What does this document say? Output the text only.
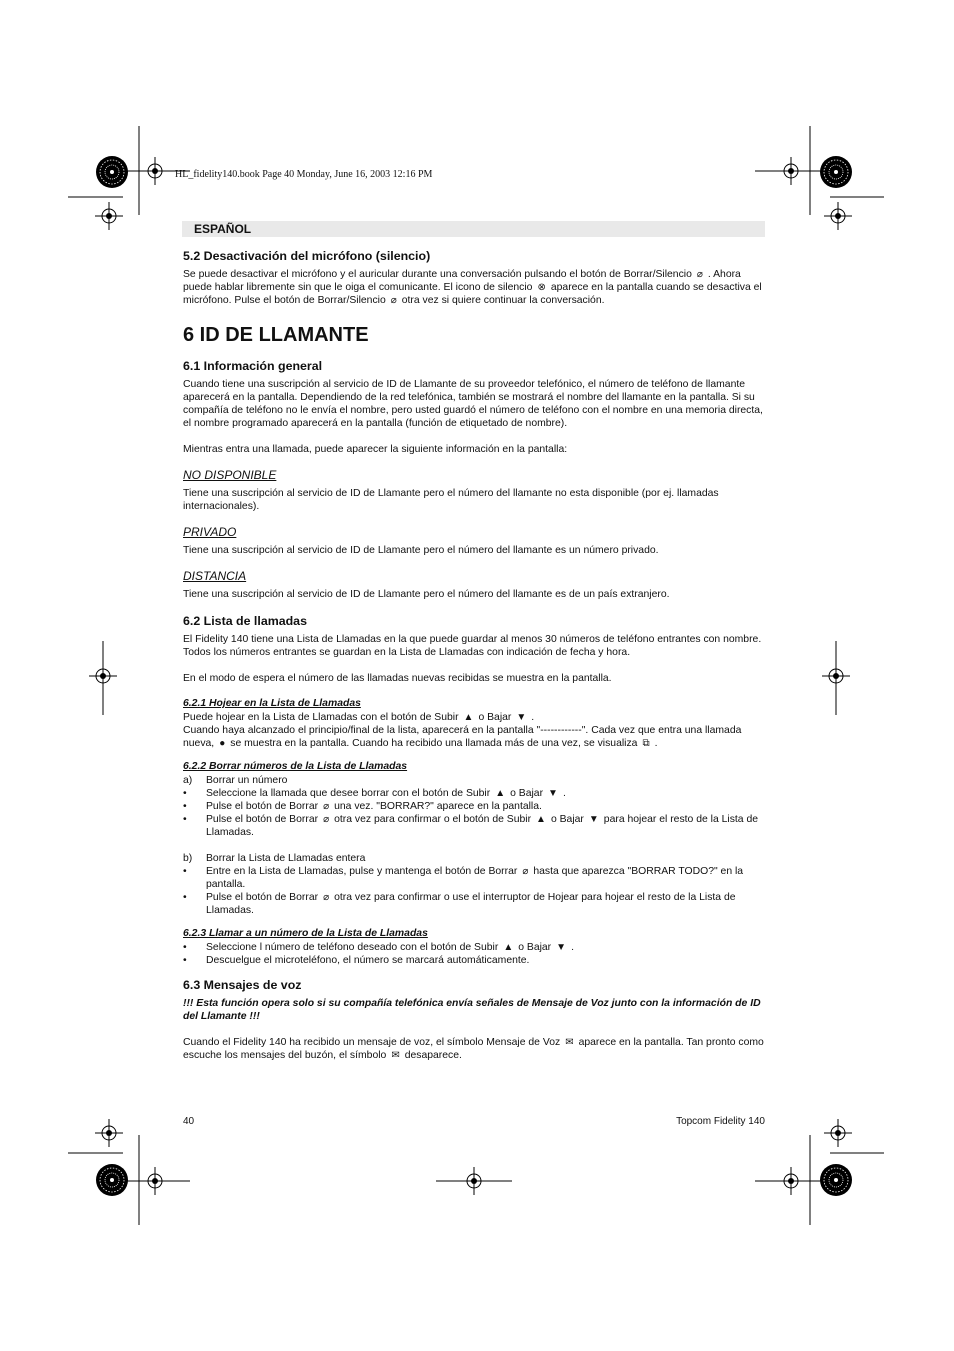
HL_fidelity140.book Page 40 Monday, June 16, 2003 12:16 PM
ESPAÑOL
5.2 Desactivación del micrófono (silencio)

Se puede desactivar el micrófono y el auricular durante una conversación pulsando el botón de Borrar/Silencio ⌀ . Ahora puede hablar libremente sin que le oiga el comunicante. El icono de silencio ⊗ aparece en la pantalla cuando se desactiva el micrófono. Pulse el botón de Borrar/Silencio ⌀ otra vez si quiere continuar la conversación.

6 ID DE LLAMANTE
6.1 Información general

Cuando tiene una suscripción al servicio de ID de Llamante de su proveedor telefónico, el número de teléfono de llamante aparecerá en la pantalla. Dependiendo de la red telefónica, también se mostrará el nombre del llamante en la pantalla. Si su compañía de teléfono no le envía el nombre, pero usted guardó el número de teléfono con el nombre en una memoria directa, el nombre programado aparecerá en la pantalla (función de etiquetado de nombre).

Mientras entra una llamada, puede aparecer la siguiente información en la pantalla:

NO DISPONIBLE

Tiene una suscripción al servicio de ID de Llamante pero el número del llamante no esta disponible (por ej. llamadas internacionales).

PRIVADO

Tiene una suscripción al servicio de ID de Llamante pero el número del llamante es un número privado.

DISTANCIA

Tiene una suscripción al servicio de ID de Llamante pero el número del llamante es de un país extranjero.

6.2 Lista de llamadas

El Fidelity 140 tiene una Lista de Llamadas en la que puede guardar al menos 30 números de teléfono entrantes con nombre. Todos los números entrantes se guardan en la Lista de Llamadas con indicación de fecha y hora.

En el modo de espera el número de las llamadas nuevas recibidas se muestra en la pantalla.

6.2.1 Hojear en la Lista de Llamadas

Puede hojear en la Lista de Llamadas con el botón de Subir ▲ o Bajar ▼ .

Cuando haya alcanzado el principio/final de la lista, aparecerá en la pantalla "------------". Cada vez que entra una llamada nueva, ● se muestra en la pantalla. Cuando ha recibido una llamada más de una vez, se visualiza ⧉ .

6.2.2 Borrar números de la Lista de Llamadas
a) Borrar un número
• Seleccione la llamada que desee borrar con el botón de Subir ▲ o Bajar ▼ .
• Pulse el botón de Borrar ⌀ una vez. "BORRAR?" aparece en la pantalla.
• Pulse el botón de Borrar ⌀ otra vez para confirmar o el botón de Subir ▲ o Bajar ▼ para hojear el resto de la Lista de Llamadas.
b) Borrar la Lista de Llamadas entera
• Entre en la Lista de Llamadas, pulse y mantenga el botón de Borrar ⌀ hasta que aparezca "BORRAR TODO?" en la pantalla.
• Pulse el botón de Borrar ⌀ otra vez para confirmar o use el interruptor de Hojear para hojear el resto de la Lista de Llamadas.
6.2.3 Llamar a un número de la Lista de Llamadas
• Seleccione l número de teléfono deseado con el botón de Subir ▲ o Bajar ▼ .
• Descuelgue el microteléfono, el número se marcará automáticamente.
6.3 Mensajes de voz

!!! Esta función opera solo si su compañía telefónica envía señales de Mensaje de Voz junto con la información de ID del Llamante !!!

Cuando el Fidelity 140 ha recibido un mensaje de voz, el símbolo Mensaje de Voz ✉ aparece en la pantalla. Tan pronto como escuche los mensajes del buzón, el símbolo ✉ desaparece.

40	Topcom Fidelity 140
